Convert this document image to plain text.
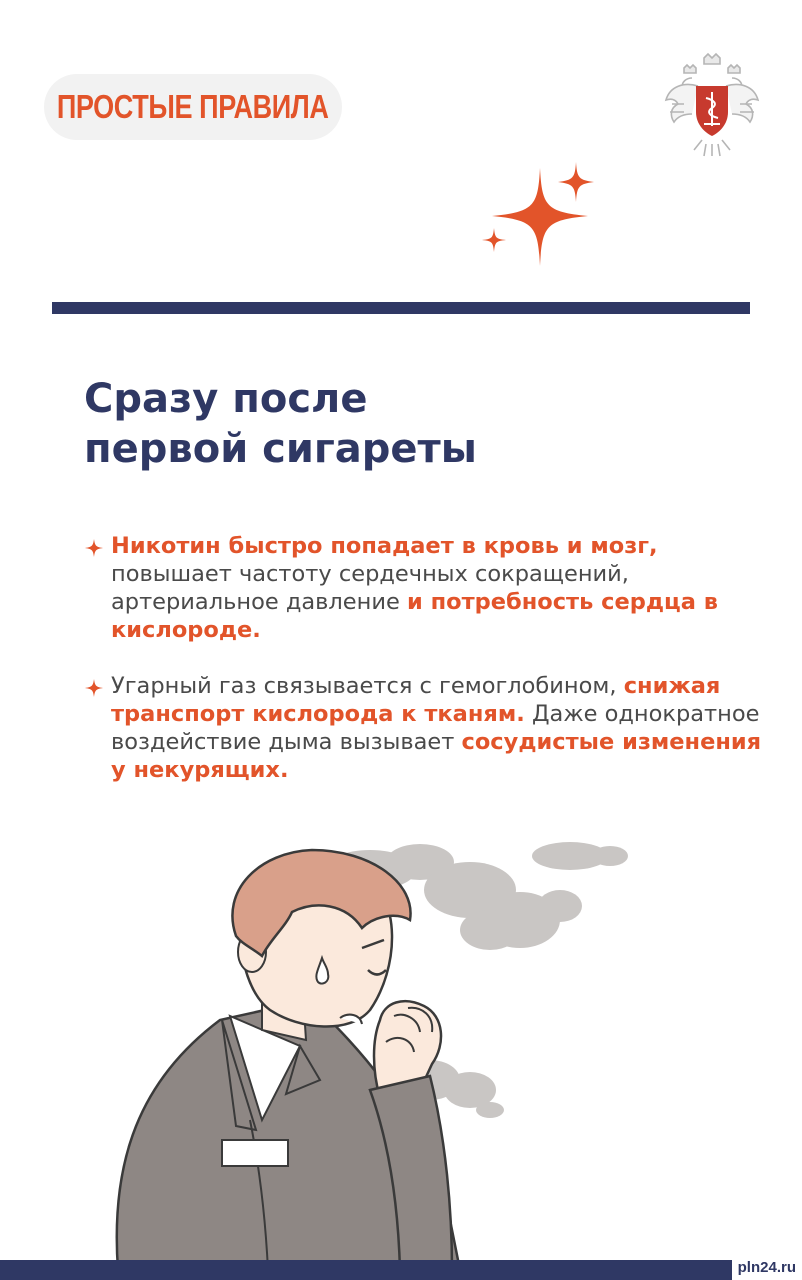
ПРОСТЫЕ ПРАВИЛА
Сразу после
первой сигареты
Никотин быстро попадает в кровь и мозг, повышает частоту сердечных сокращений, артериальное давление и потребность сердца в кислороде.
Угарный газ связывается с гемоглобином, снижая транспорт кислорода к тканям. Даже однократное воздействие дыма вызывает сосудистые изменения у некурящих.
pln24.ru
